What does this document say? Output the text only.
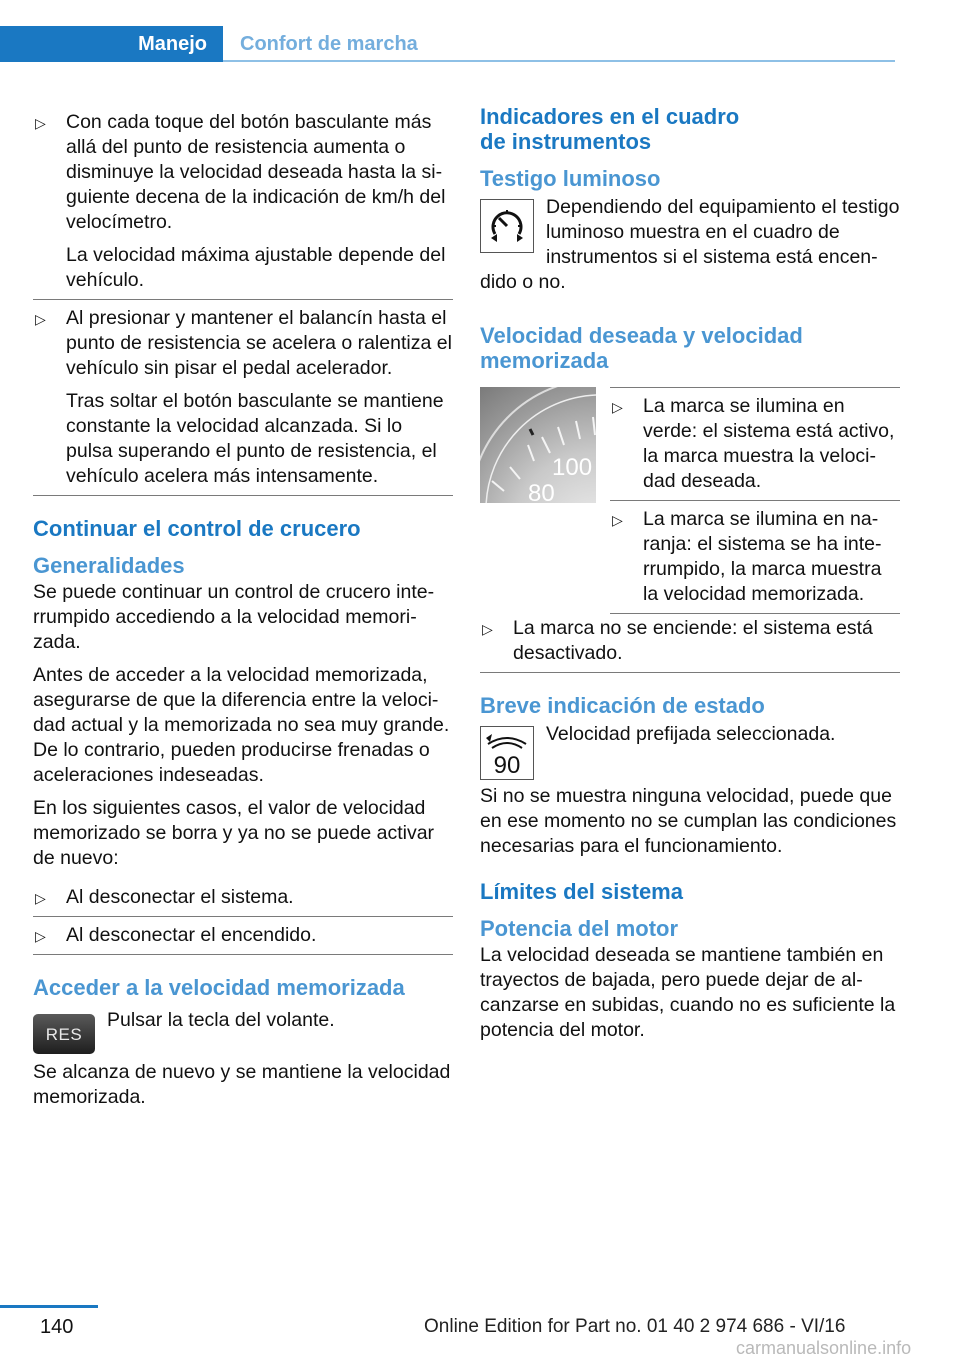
Manejo Confort de marcha
▷ Con cada toque del botón basculante más allá del punto de resistencia aumenta o disminuye la velocidad deseada hasta la siguiente decena de la indicación de km/h del velocímetro.

La velocidad máxima ajustable depende del vehículo.

▷ Al presionar y mantener el balancín hasta el punto de resistencia se acelera o ralentiza el vehículo sin pisar el pedal acelerador.

Tras soltar el botón basculante se mantiene constante la velocidad alcanzada. Si lo pulsa superando el punto de resistencia, el vehículo acelera más intensamente.

Continuar el control de crucero
Generalidades

Se puede continuar un control de crucero interrumpido accediendo a la velocidad memorizada.

Antes de acceder a la velocidad memorizada, asegurarse de que la diferencia entre la velocidad actual y la memorizada no sea muy grande. De lo contrario, pueden producirse frenadas o aceleraciones indeseadas.

En los siguientes casos, el valor de velocidad memorizado se borra y ya no se puede activar de nuevo:

▷ Al desconectar el sistema.
▷ Al desconectar el encendido.
Acceder a la velocidad memorizada
RES

Pulsar la tecla del volante.

Se alcanza de nuevo y se mantiene la velocidad memorizada.

Indicadores en el cuadro de instrumentos
Testigo luminoso

Dependiendo del equipamiento el testigo luminoso muestra en el cuadro de instrumentos si el sistema está encendido o no.

Velocidad deseada y velocidad memorizada
100
80
▷ La marca se ilumina en verde: el sistema está activo, la marca muestra la velocidad deseada.
▷ La marca se ilumina en naranja: el sistema se ha interrumpido, la marca muestra la velocidad memorizada.
▷ La marca no se enciende: el sistema está desactivado.
Breve indicación de estado
90

Velocidad prefijada seleccionada.

Si no se muestra ninguna velocidad, puede que en ese momento no se cumplan las condiciones necesarias para el funcionamiento.

Límites del sistema
Potencia del motor

La velocidad deseada se mantiene también en trayectos de bajada, pero puede dejar de alcanzarse en subidas, cuando no es suficiente la potencia del motor.

140	Online Edition for Part no. 01 40 2 974 686 - VI/16
carmanualsonline.info
